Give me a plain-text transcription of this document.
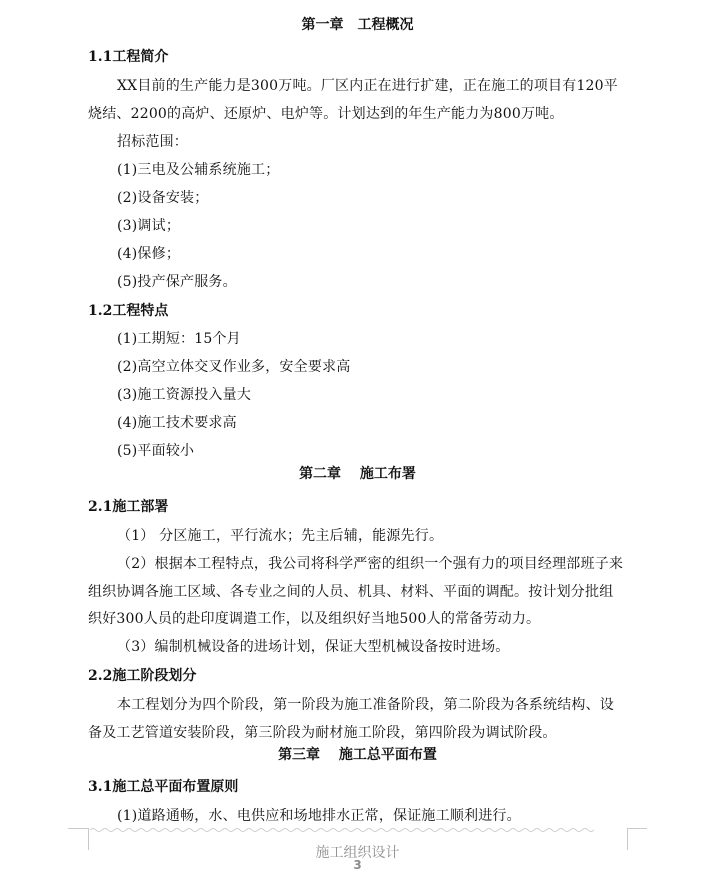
第一章　工程概况
1.1工程简介
XX目前的生产能力是300万吨。厂区内正在进行扩建，正在施工的项目有120平
烧结、2200的高炉、还原炉、电炉等。计划达到的年生产能力为800万吨。
招标范围：
(1)三电及公辅系统施工；
(2)设备安装；
(3)调试；
(4)保修；
(5)投产保产服务。
1.2工程特点
(1)工期短：15个月
(2)高空立体交叉作业多，安全要求高
(3)施工资源投入量大
(4)施工技术要求高
(5)平面较小
第二章　 施工布署
2.1施工部署
（1） 分区施工，平行流水；先主后辅，能源先行。
（2）根据本工程特点，我公司将科学严密的组织一个强有力的项目经理部班子来
组织协调各施工区域、各专业之间的人员、机具、材料、平面的调配。按计划分批组
织好300人员的赴印度调遣工作，以及组织好当地500人的常备劳动力。
（3）编制机械设备的进场计划，保证大型机械设备按时进场。
2.2施工阶段划分
本工程划分为四个阶段，第一阶段为施工准备阶段，第二阶段为各系统结构、设
备及工艺管道安装阶段，第三阶段为耐材施工阶段，第四阶段为调试阶段。
第三章　 施工总平面布置
3.1施工总平面布置原则
(1)道路通畅，水、电供应和场地排水正常，保证施工顺利进行。
施工组织设计
3
